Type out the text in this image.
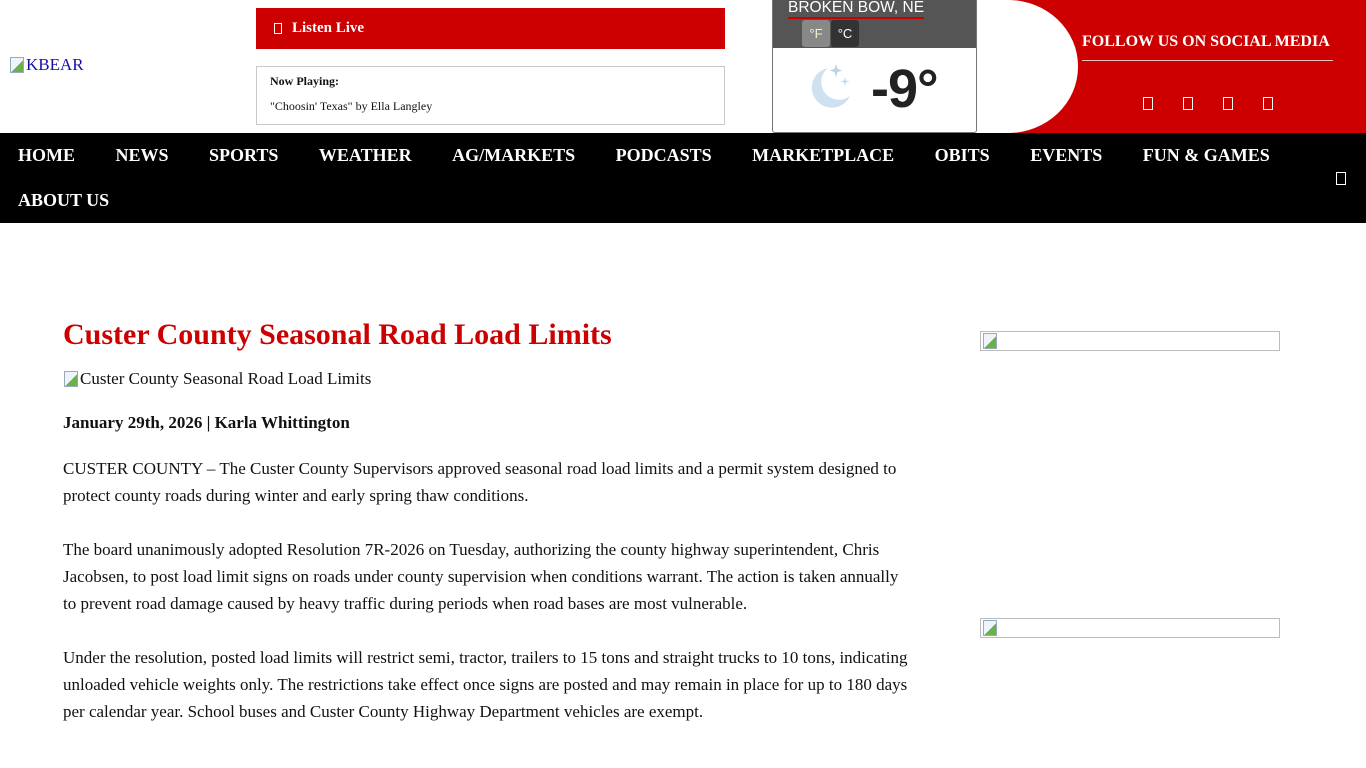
KBEAR
Listen Live
Now Playing:
"Choosin' Texas" by Ella Langley
BROKEN BOW, NE
°F	°C
-9°
FOLLOW US ON SOCIAL MEDIA
HOME NEWS SPORTS WEATHER AG/MARKETS PODCASTS MARKETPLACE OBITS EVENTS FUN & GAMES
ABOUT US
Custer County Seasonal Road Load Limits
Custer County Seasonal Road Load Limits
January 29th, 2026 | Karla Whittington

CUSTER COUNTY – The Custer County Supervisors approved seasonal road load limits and a permit system designed to protect county roads during winter and early spring thaw conditions.

The board unanimously adopted Resolution 7R-2026 on Tuesday, authorizing the county highway superintendent, Chris Jacobsen, to post load limit signs on roads under county supervision when conditions warrant. The action is taken annually to prevent road damage caused by heavy traffic during periods when road bases are most vulnerable.

Under the resolution, posted load limits will restrict semi, tractor, trailers to 15 tons and straight trucks to 10 tons, indicating unloaded vehicle weights only. The restrictions take effect once signs are posted and may remain in place for up to 180 days per calendar year. School buses and Custer County Highway Department vehicles are exempt.
